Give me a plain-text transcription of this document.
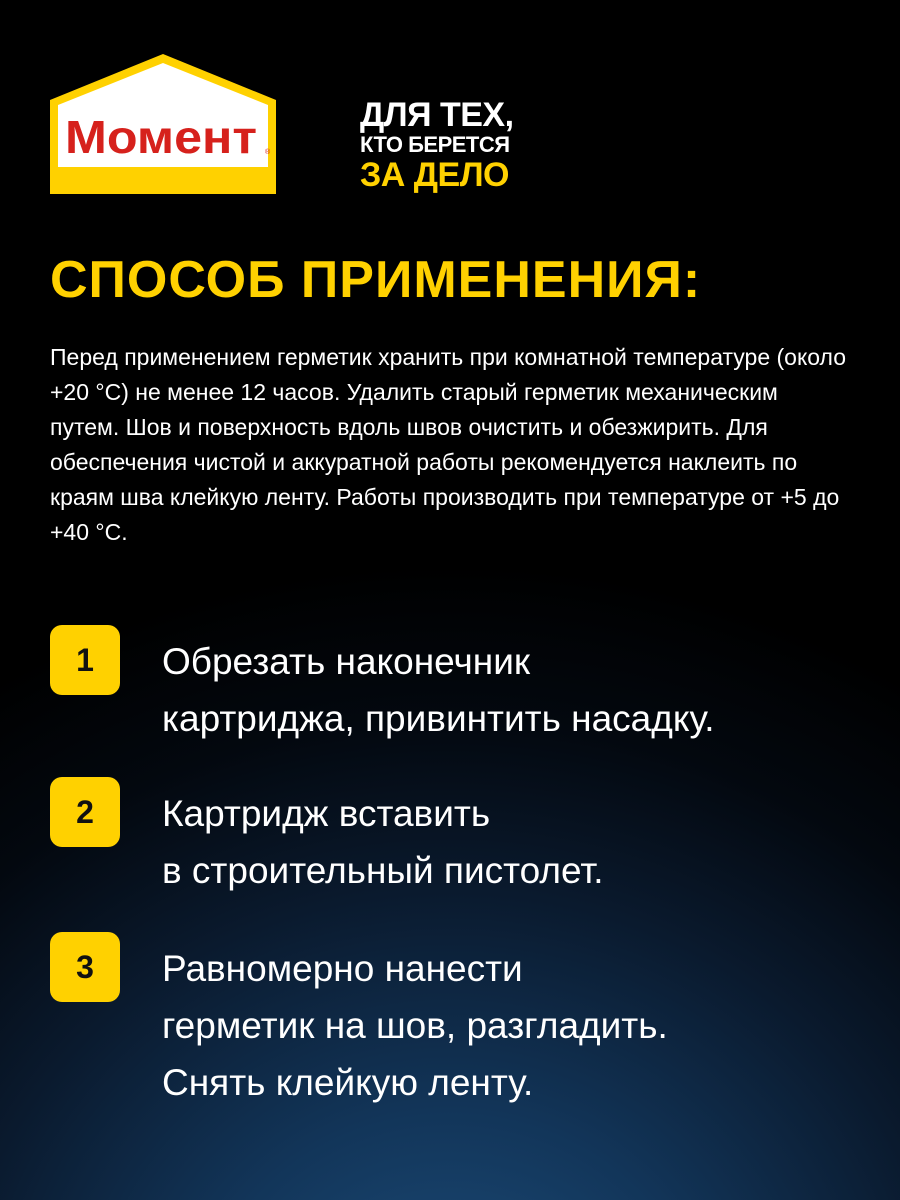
Момент ®
ДЛЯ ТЕХ,
КТО БЕРЕТСЯ
ЗА ДЕЛО
СПОСОБ ПРИМЕНЕНИЯ:

Перед применением герметик хранить при комнатной температуре (около +20 °С) не менее 12 часов. Удалить старый герметик механическим путем. Шов и поверхность вдоль швов очистить и обезжирить. Для обеспечения чистой и аккуратной работы рекомендуется наклеить по краям шва клейкую ленту. Работы производить при температуре от +5 до +40 °С.

1	Обрезать наконечник
картриджа, привинтить насадку.

2	Картридж вставить
в строительный пистолет.

3	Равномерно нанести
герметик на шов, разгладить.
Снять клейкую ленту.
